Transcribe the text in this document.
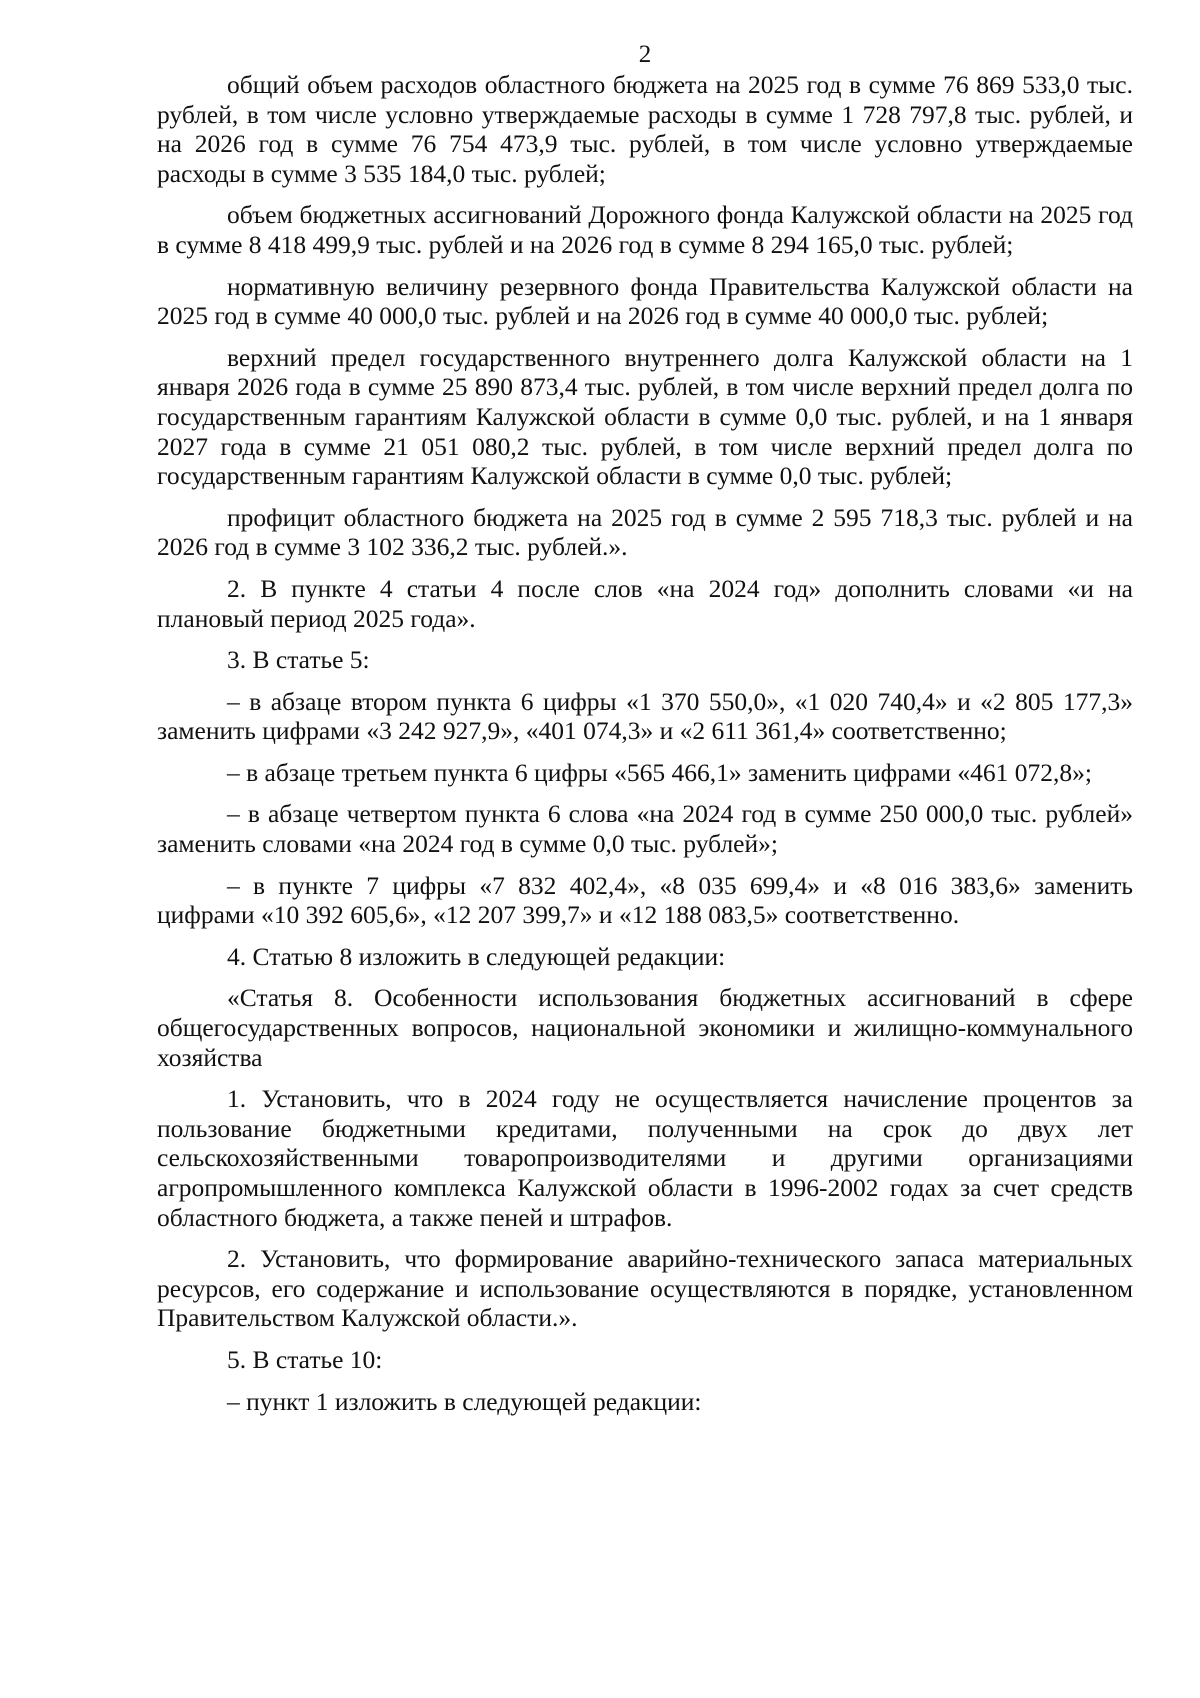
2

общий объем расходов областного бюджета на 2025 год в сумме 76 869 533,0 тыс. рублей, в том числе условно утверждаемые расходы в сумме 1 728 797,8 тыс. рублей, и на 2026 год в сумме 76 754 473,9 тыс. рублей, в том числе условно утверждаемые расходы в сумме 3 535 184,0 тыс. рублей;

объем бюджетных ассигнований Дорожного фонда Калужской области на 2025 год в сумме 8 418 499,9 тыс. рублей и на 2026 год в сумме 8 294 165,0 тыс. рублей;

нормативную величину резервного фонда Правительства Калужской области на 2025 год в сумме 40 000,0 тыс. рублей и на 2026 год в сумме 40 000,0 тыс. рублей;

верхний предел государственного внутреннего долга Калужской области на 1 января 2026 года в сумме 25 890 873,4 тыс. рублей, в том числе верхний предел долга по государственным гарантиям Калужской области в сумме 0,0 тыс. рублей, и на 1 января 2027 года в сумме 21 051 080,2 тыс. рублей, в том числе верхний предел долга по государственным гарантиям Калужской области в сумме 0,0 тыс. рублей;

профицит областного бюджета на 2025 год в сумме 2 595 718,3 тыс. рублей и на 2026 год в сумме 3 102 336,2 тыс. рублей.».

2. В пункте 4 статьи 4 после слов «на 2024 год» дополнить словами «и на плановый период 2025 года».

3. В статье 5:

– в абзаце втором пункта 6 цифры «1 370 550,0», «1 020 740,4» и «2 805 177,3» заменить цифрами «3 242 927,9», «401 074,3» и «2 611 361,4» соответственно;

– в абзаце третьем пункта 6 цифры «565 466,1» заменить цифрами «461 072,8»;

– в абзаце четвертом пункта 6 слова «на 2024 год в сумме 250 000,0 тыс. рублей» заменить словами «на 2024 год в сумме 0,0 тыс. рублей»;

– в пункте 7 цифры «7 832 402,4», «8 035 699,4» и «8 016 383,6» заменить цифрами «10 392 605,6», «12 207 399,7» и «12 188 083,5» соответственно.

4. Статью 8 изложить в следующей редакции:

«Статья 8. Особенности использования бюджетных ассигнований в сфере общегосударственных вопросов, национальной экономики и жилищно-коммунального хозяйства

1. Установить, что в 2024 году не осуществляется начисление процентов за пользование бюджетными кредитами, полученными на срок до двух лет сельскохозяйственными товаропроизводителями и другими организациями агропромышленного комплекса Калужской области в 1996-2002 годах за счет средств областного бюджета, а также пеней и штрафов.

2. Установить, что формирование аварийно-технического запаса материальных ресурсов, его содержание и использование осуществляются в порядке, установленном Правительством Калужской области.».

5. В статье 10:

– пункт 1 изложить в следующей редакции:
